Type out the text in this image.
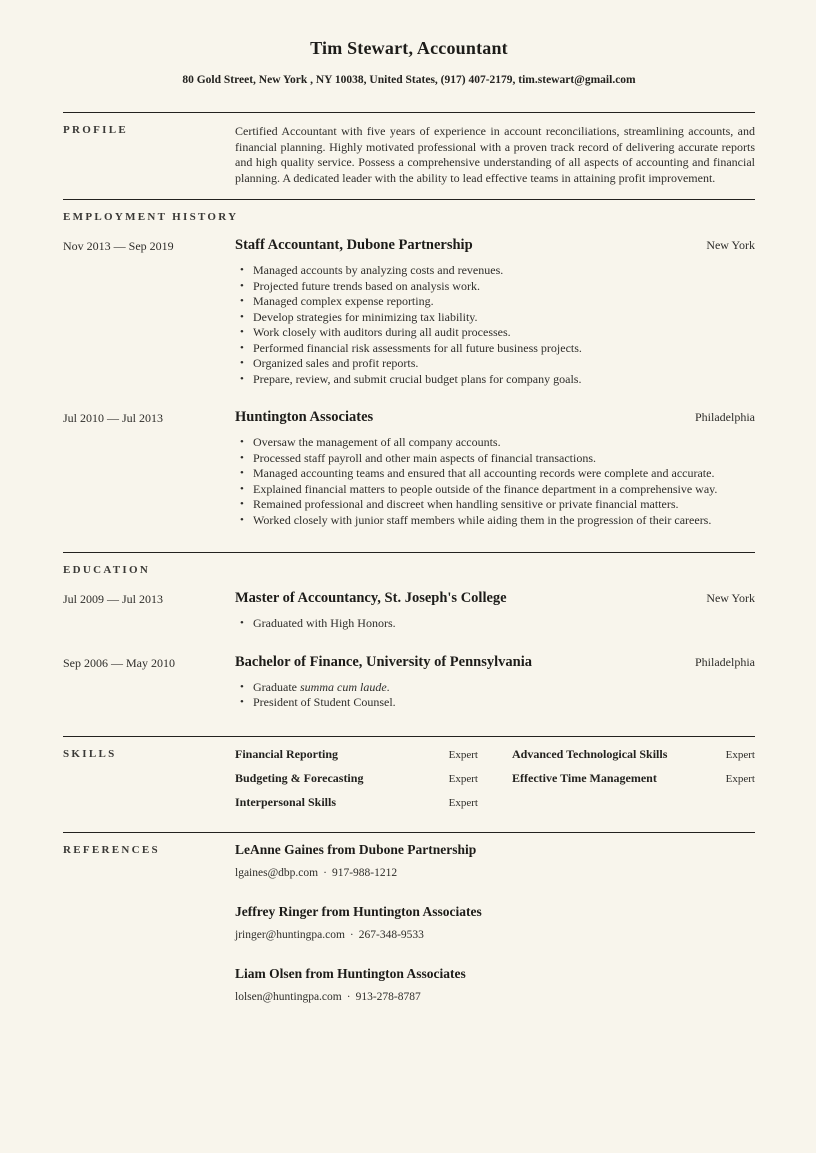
Tim Stewart, Accountant
80 Gold Street, New York , NY 10038, United States, (917) 407-2179, tim.stewart@gmail.com
PROFILE	Certified Accountant with five years of experience in account reconciliations, streamlining accounts, and financial planning. Highly motivated professional with a proven track record of delivering accurate reports and high quality service. Possess a comprehensive understanding of all aspects of accounting and financial planning. A dedicated leader with the ability to lead effective teams in attaining profit improvement.

EMPLOYMENT HISTORY
Nov 2013 — Sep 2019	Staff Accountant, Dubone Partnership	New York
• Managed accounts by analyzing costs and revenues.
• Projected future trends based on analysis work.
• Managed complex expense reporting.
• Develop strategies for minimizing tax liability.
• Work closely with auditors during all audit processes.
• Performed financial risk assessments for all future business projects.
• Organized sales and profit reports.
• Prepare, review, and submit crucial budget plans for company goals.
Jul 2010 — Jul 2013	Huntington Associates	Philadelphia
• Oversaw the management of all company accounts.
• Processed staff payroll and other main aspects of financial transactions.
• Managed accounting teams and ensured that all accounting records were complete and accurate.
• Explained financial matters to people outside of the finance department in a comprehensive way.
• Remained professional and discreet when handling sensitive or private financial matters.
• Worked closely with junior staff members while aiding them in the progression of their careers.
EDUCATION
Jul 2009 — Jul 2013	Master of Accountancy, St. Joseph's College	New York
• Graduated with High Honors.
Sep 2006 — May 2010	Bachelor of Finance, University of Pennsylvania	Philadelphia
• Graduate summa cum laude.
• President of Student Counsel.
SKILLS	Financial Reporting	Expert
Budgeting & Forecasting	Expert
Interpersonal Skills	Expert
Advanced Technological Skills	Expert
Effective Time Management	Expert
REFERENCES	LeAnne Gaines from Dubone Partnership
lgaines@dbp.com · 917-988-1212
Jeffrey Ringer from Huntington Associates
jringer@huntingpa.com · 267-348-9533
Liam Olsen from Huntington Associates
lolsen@huntingpa.com · 913-278-8787
